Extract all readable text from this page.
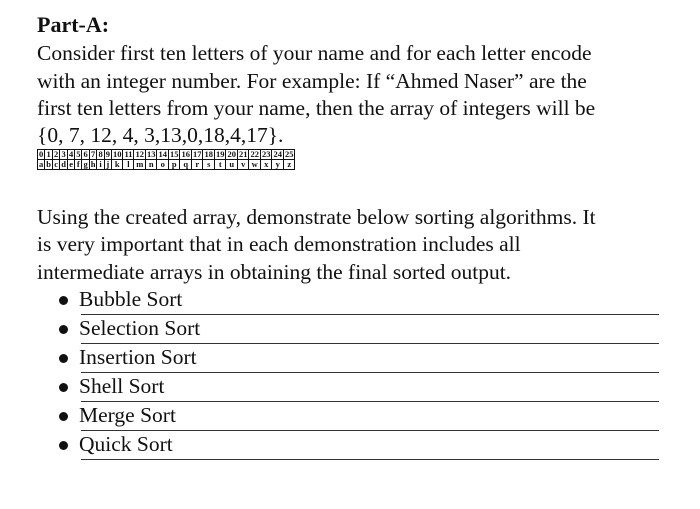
Part-A:

Consider first ten letters of your name and for each letter encode

with an integer number. For example: If “Ahmed Naser” are the

first ten letters from your name, then the array of integers will be

{0, 7, 12, 4, 3,13,0,18,4,17}.

0	1	2	3	4	5	6	7	8	9	10	11	12	13	14	15	16	17	18	19	20	21	22	23	24	25
a	b	c	d	e	f	g	h	i	j	k	l	m	n	o	p	q	r	s	t	u	v	w	x	y	z

Using the created array, demonstrate below sorting algorithms. It

is very important that in each demonstration includes all

intermediate arrays in obtaining the final sorted output.

Bubble Sort
Selection Sort
Insertion Sort
Shell Sort
Merge Sort
Quick Sort
